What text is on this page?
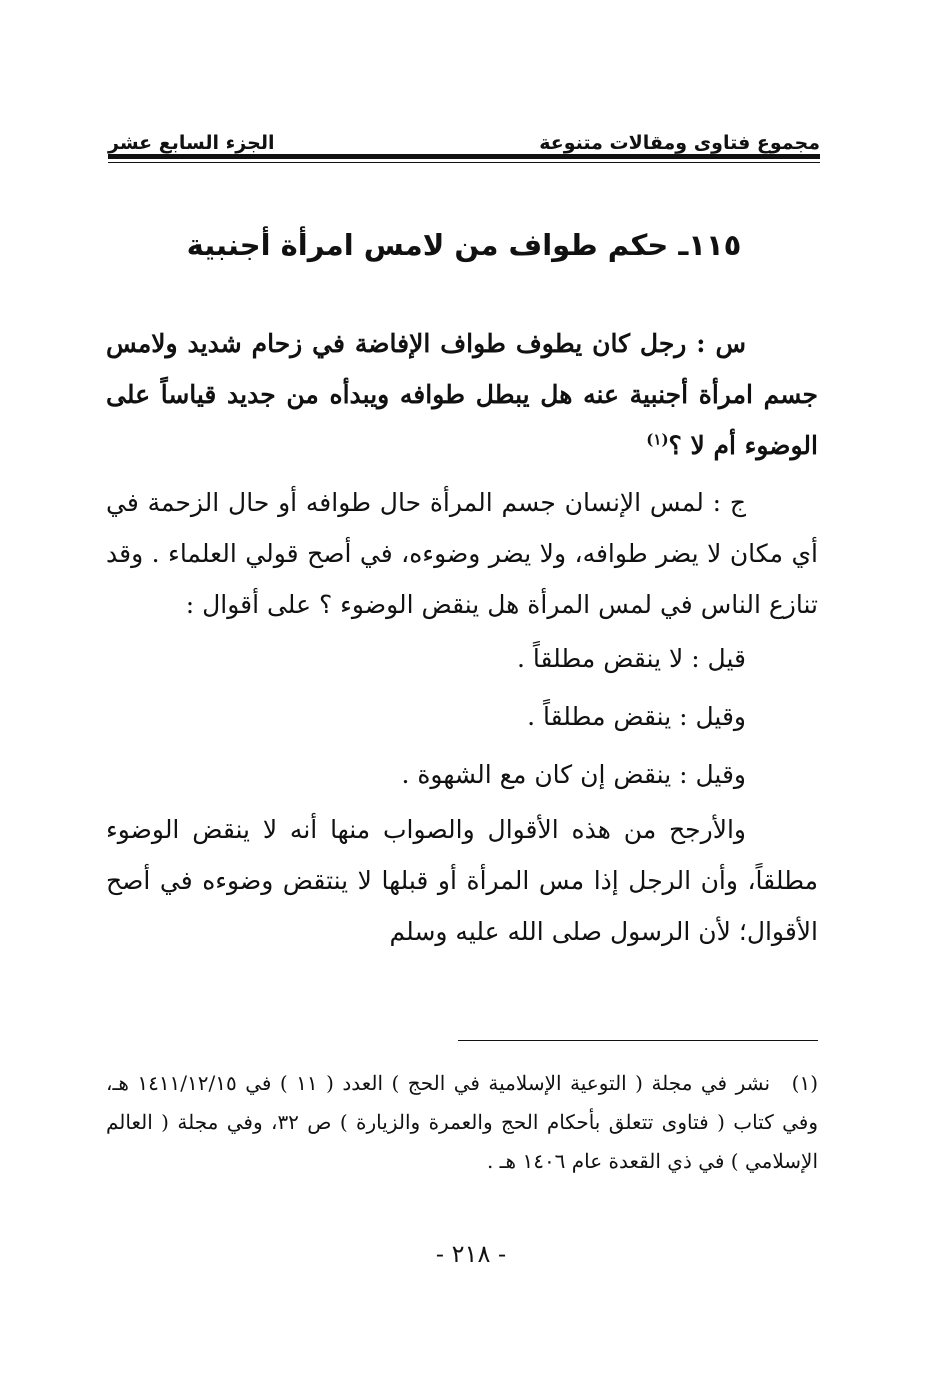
مجموع فتاوى ومقالات متنوعة
الجزء السابع عشر
١١٥ـ حكم طواف من لامس امرأة أجنبية

س : رجل كان يطوف طواف الإفاضة في زحام شديد ولامس جسم امرأة أجنبية عنه هل يبطل طوافه ويبدأه من جديد قياساً على الوضوء أم لا ؟$^{(١)}$

ج : لمس الإنسان جسم المرأة حال طوافه أو حال الزحمة في أي مكان لا يضر طوافه، ولا يضر وضوءه، في أصح قولي العلماء . وقد تنازع الناس في لمس المرأة هل ينقض الوضوء ؟ على أقوال :

قيل : لا ينقض مطلقاً .

وقيل : ينقض مطلقاً .

وقيل : ينقض إن كان مع الشهوة .

والأرجح من هذه الأقوال والصواب منها أنه لا ينقض الوضوء مطلقاً، وأن الرجل إذا مس المرأة أو قبلها لا ينتقض وضوءه في أصح الأقوال؛ لأن الرسول صلى الله عليه وسلم

(١)نشر في مجلة ( التوعية الإسلامية في الحج ) العدد ( ١١ ) في ١٤١١/١٢/١٥ هـ، وفي كتاب ( فتاوى تتعلق بأحكام الحج والعمرة والزيارة ) ص ٣٢، وفي مجلة ( العالم الإسلامي ) في ذي القعدة عام ١٤٠٦ هـ .

- ٢١٨ -
